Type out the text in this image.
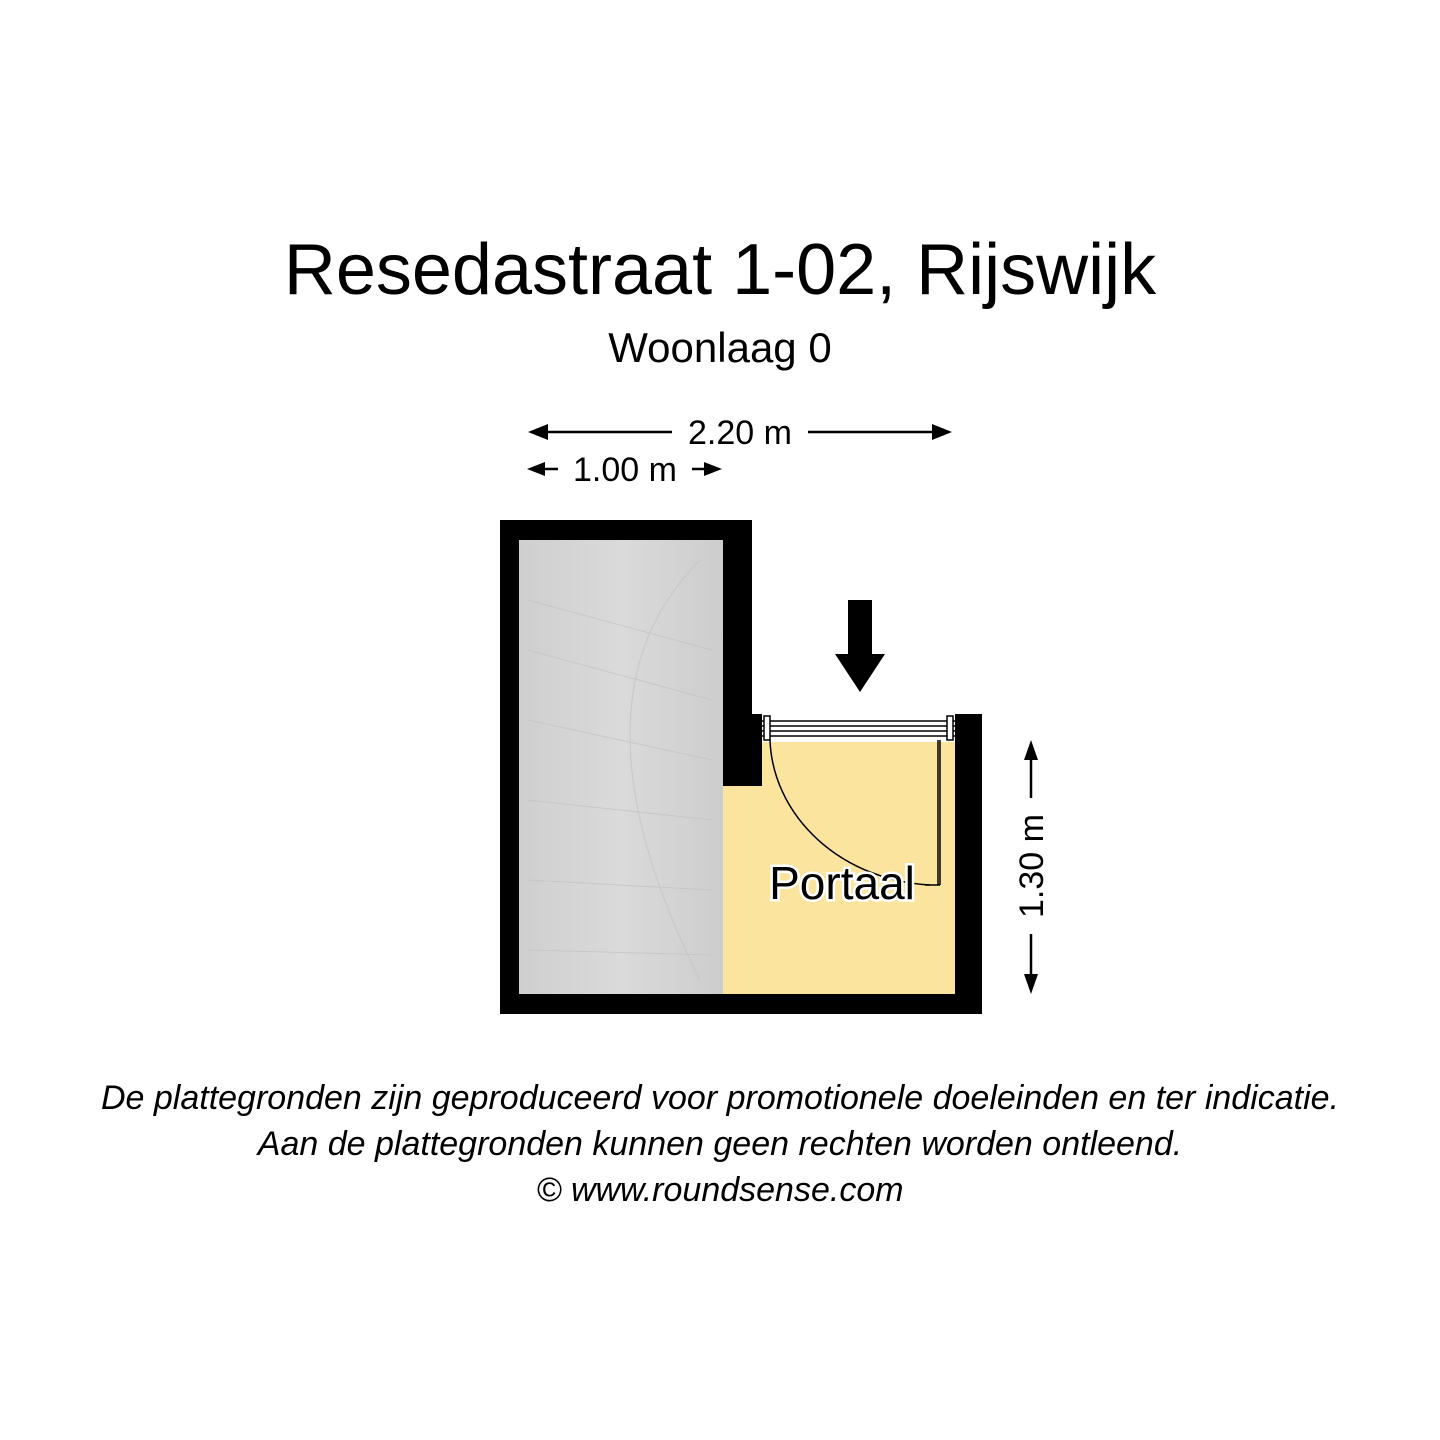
Resedastraat 1-02, Rijswijk
Woonlaag 0
2.20 m
1.00 m
Portaal	1.30 m
De plattegronden zijn geproduceerd voor promotionele doeleinden en ter indicatie.
Aan de plattegronden kunnen geen rechten worden ontleend.
© www.roundsense.com
